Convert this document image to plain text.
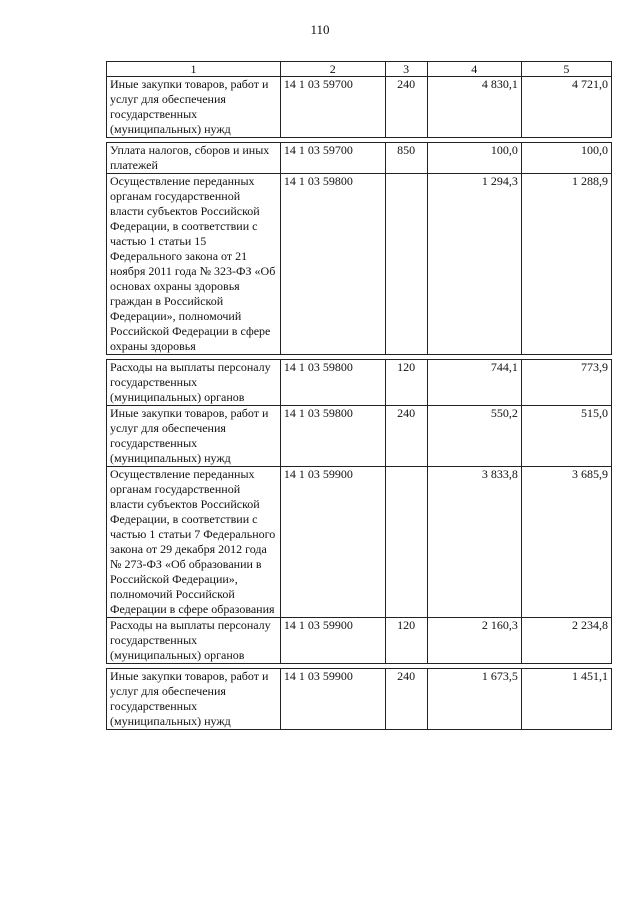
110
1	2	3	4	5
Иные закупки товаров, работ и услуг для обеспечения государственных (муниципальных) нужд	14 1 03 59700	240	4 830,1	4 721,0

Уплата налогов, сборов и иных платежей	14 1 03 59700	850	100,0	100,0
Осуществление переданных органам государственной власти субъектов Российской Федерации, в соответствии с частью 1 статьи 15 Федерального закона от 21 ноября 2011 года № 323-ФЗ «Об основах охраны здоровья граждан в Российской Федерации», полномочий Российской Федерации в сфере охраны здоровья	14 1 03 59800		1 294,3	1 288,9

Расходы на выплаты персоналу государственных (муниципальных) органов	14 1 03 59800	120	744,1	773,9
Иные закупки товаров, работ и услуг для обеспечения государственных (муниципальных) нужд	14 1 03 59800	240	550,2	515,0
Осуществление переданных органам государственной власти субъектов Российской Федерации, в соответствии с частью 1 статьи 7 Федерального закона от 29 декабря 2012 года № 273-ФЗ «Об образовании в Российской Федерации», полномочий Российской Федерации в сфере образования	14 1 03 59900		3 833,8	3 685,9
Расходы на выплаты персоналу государственных (муниципальных) органов	14 1 03 59900	120	2 160,3	2 234,8

Иные закупки товаров, работ и услуг для обеспечения государственных (муниципальных) нужд	14 1 03 59900	240	1 673,5	1 451,1
